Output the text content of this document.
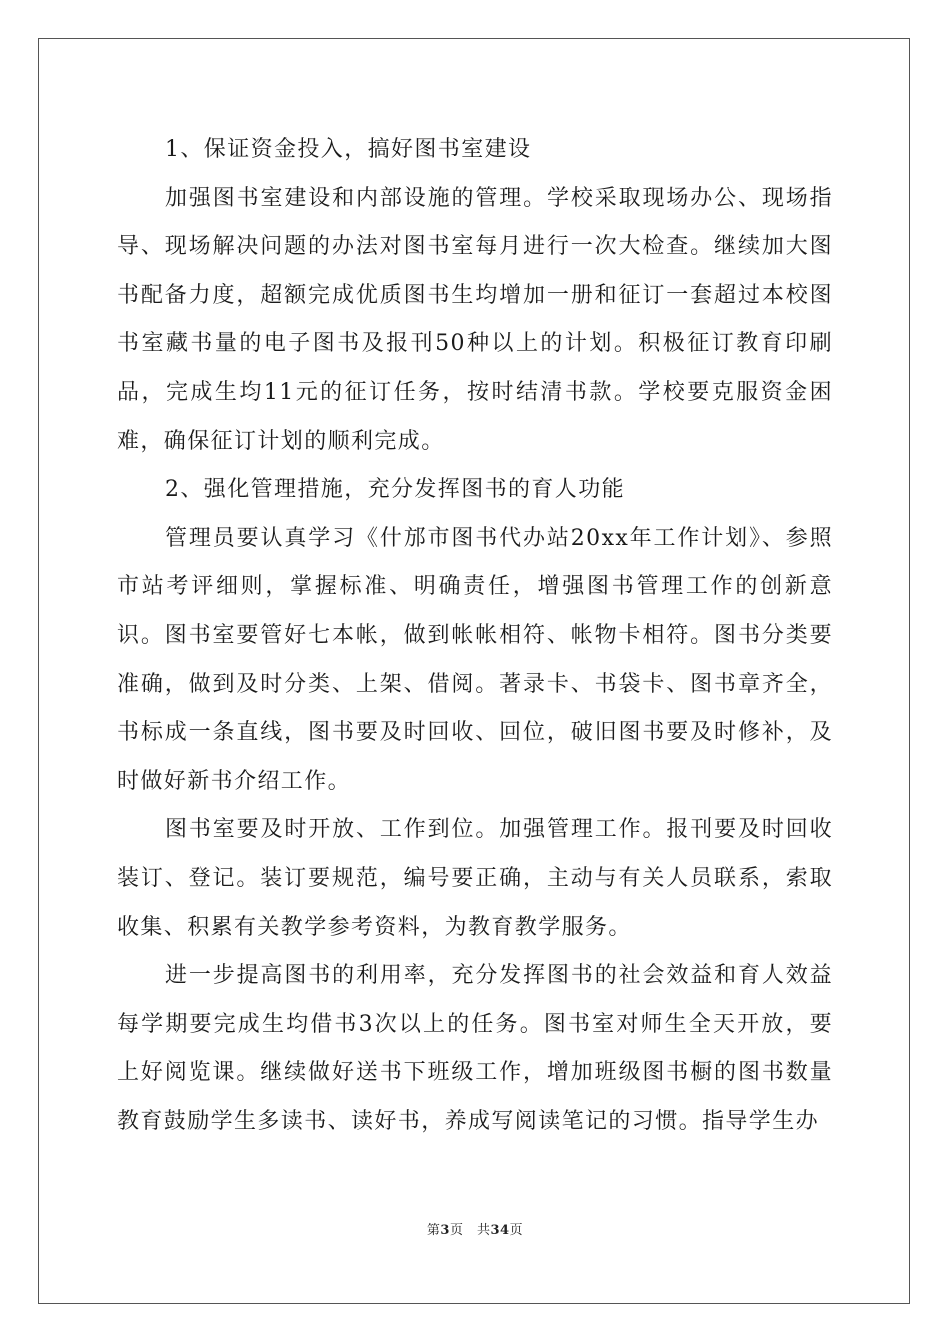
1、保证资金投入，搞好图书室建设

加强图书室建设和内部设施的管理。学校采取现场办公、现场指导、现场解决问题的办法对图书室每月进行一次大检查。继续加大图书配备力度，超额完成优质图书生均增加一册和征订一套超过本校图书室藏书量的电子图书及报刊50种以上的计划。积极征订教育印刷品，完成生均11元的征订任务，按时结清书款。学校要克服资金困难，确保征订计划的顺利完成。

2、强化管理措施，充分发挥图书的育人功能

管理员要认真学习《什邡市图书代办站20xx年工作计划》、参照市站考评细则，掌握标准、明确责任，增强图书管理工作的创新意识。图书室要管好七本帐，做到帐帐相符、帐物卡相符。图书分类要准确，做到及时分类、上架、借阅。著录卡、书袋卡、图书章齐全，书标成一条直线，图书要及时回收、回位，破旧图书要及时修补，及时做好新书介绍工作。

图书室要及时开放、工作到位。加强管理工作。报刊要及时回收装订、登记。装订要规范，编号要正确，主动与有关人员联系，索取收集、积累有关教学参考资料，为教育教学服务。

进一步提高图书的利用率，充分发挥图书的社会效益和育人效益每学期要完成生均借书3次以上的任务。图书室对师生全天开放，要上好阅览课。继续做好送书下班级工作，增加班级图书橱的图书数量教育鼓励学生多读书、读好书，养成写阅读笔记的习惯。指导学生办

第3页　共34页
